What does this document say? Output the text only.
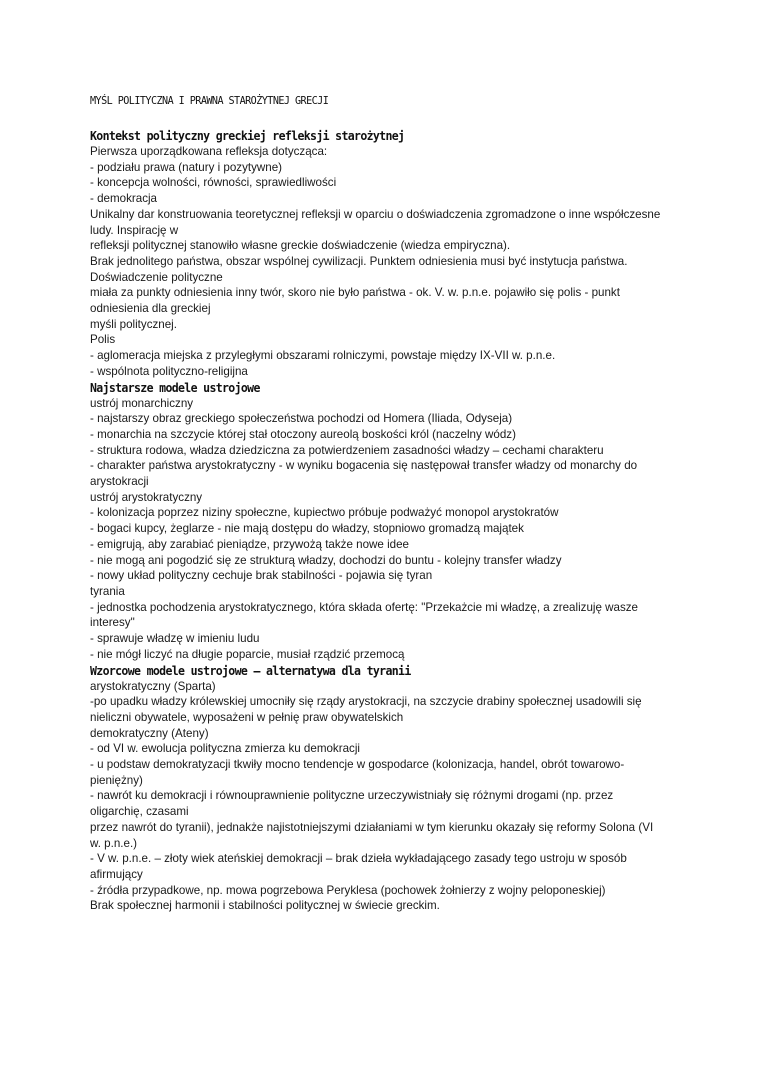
MYŚL POLITYCZNA I PRAWNA STAROŻYTNEJ GRECJI
Kontekst polityczny greckiej refleksji starożytnej
Pierwsza uporządkowana refleksja dotycząca:
- podziału prawa (natury i pozytywne)
- koncepcja wolności, równości, sprawiedliwości
- demokracja
Unikalny dar konstruowania teoretycznej refleksji w oparciu o doświadczenia zgromadzone o inne współczesne
ludy. Inspirację w
refleksji politycznej stanowiło własne greckie doświadczenie (wiedza empiryczna).
Brak jednolitego państwa, obszar wspólnej cywilizacji. Punktem odniesienia musi być instytucja państwa.
Doświadczenie polityczne
miała za punkty odniesienia inny twór, skoro nie było państwa - ok. V. w. p.n.e. pojawiło się polis - punkt
odniesienia dla greckiej
myśli politycznej.
Polis
- aglomeracja miejska z przyległymi obszarami rolniczymi, powstaje między IX-VII w. p.n.e.
- wspólnota polityczno-religijna
Najstarsze modele ustrojowe
ustrój monarchiczny
- najstarszy obraz greckiego społeczeństwa pochodzi od Homera (Iliada, Odyseja)
- monarchia na szczycie której stał otoczony aureolą boskości król (naczelny wódz)
- struktura rodowa, władza dziedziczna za potwierdzeniem zasadności władzy – cechami charakteru
- charakter państwa arystokratyczny - w wyniku bogacenia się następował transfer władzy od monarchy do
arystokracji
ustrój arystokratyczny
- kolonizacja poprzez niziny społeczne, kupiectwo próbuje podważyć monopol arystokratów
- bogaci kupcy, żeglarze - nie mają dostępu do władzy, stopniowo gromadzą majątek
- emigrują, aby zarabiać pieniądze, przywożą także nowe idee
- nie mogą ani pogodzić się ze strukturą władzy, dochodzi do buntu - kolejny transfer władzy
- nowy układ polityczny cechuje brak stabilności - pojawia się tyran
tyrania
- jednostka pochodzenia arystokratycznego, która składa ofertę: "Przekażcie mi władzę, a zrealizuję wasze
interesy"
- sprawuje władzę w imieniu ludu
- nie mógł liczyć na długie poparcie, musiał rządzić przemocą
Wzorcowe modele ustrojowe – alternatywa dla tyranii
arystokratyczny (Sparta)
-po upadku władzy królewskiej umocniły się rządy arystokracji, na szczycie drabiny społecznej usadowili się
nieliczni obywatele, wyposażeni w pełnię praw obywatelskich
demokratyczny (Ateny)
- od VI w. ewolucja polityczna zmierza ku demokracji
- u podstaw demokratyzacji tkwiły mocno tendencje w gospodarce (kolonizacja, handel, obrót towarowo-
pieniężny)
- nawrót ku demokracji i równouprawnienie polityczne urzeczywistniały się różnymi drogami (np. przez
oligarchię, czasami
przez nawrót do tyranii), jednakże najistotniejszymi działaniami w tym kierunku okazały się reformy Solona (VI
w. p.n.e.)
- V w. p.n.e. – złoty wiek ateńskiej demokracji – brak dzieła wykładającego zasady tego ustroju w sposób
afirmujący
- źródła przypadkowe, np. mowa pogrzebowa Peryklesa (pochowek żołnierzy z wojny peloponeskiej)
Brak społecznej harmonii i stabilności politycznej w świecie greckim.
